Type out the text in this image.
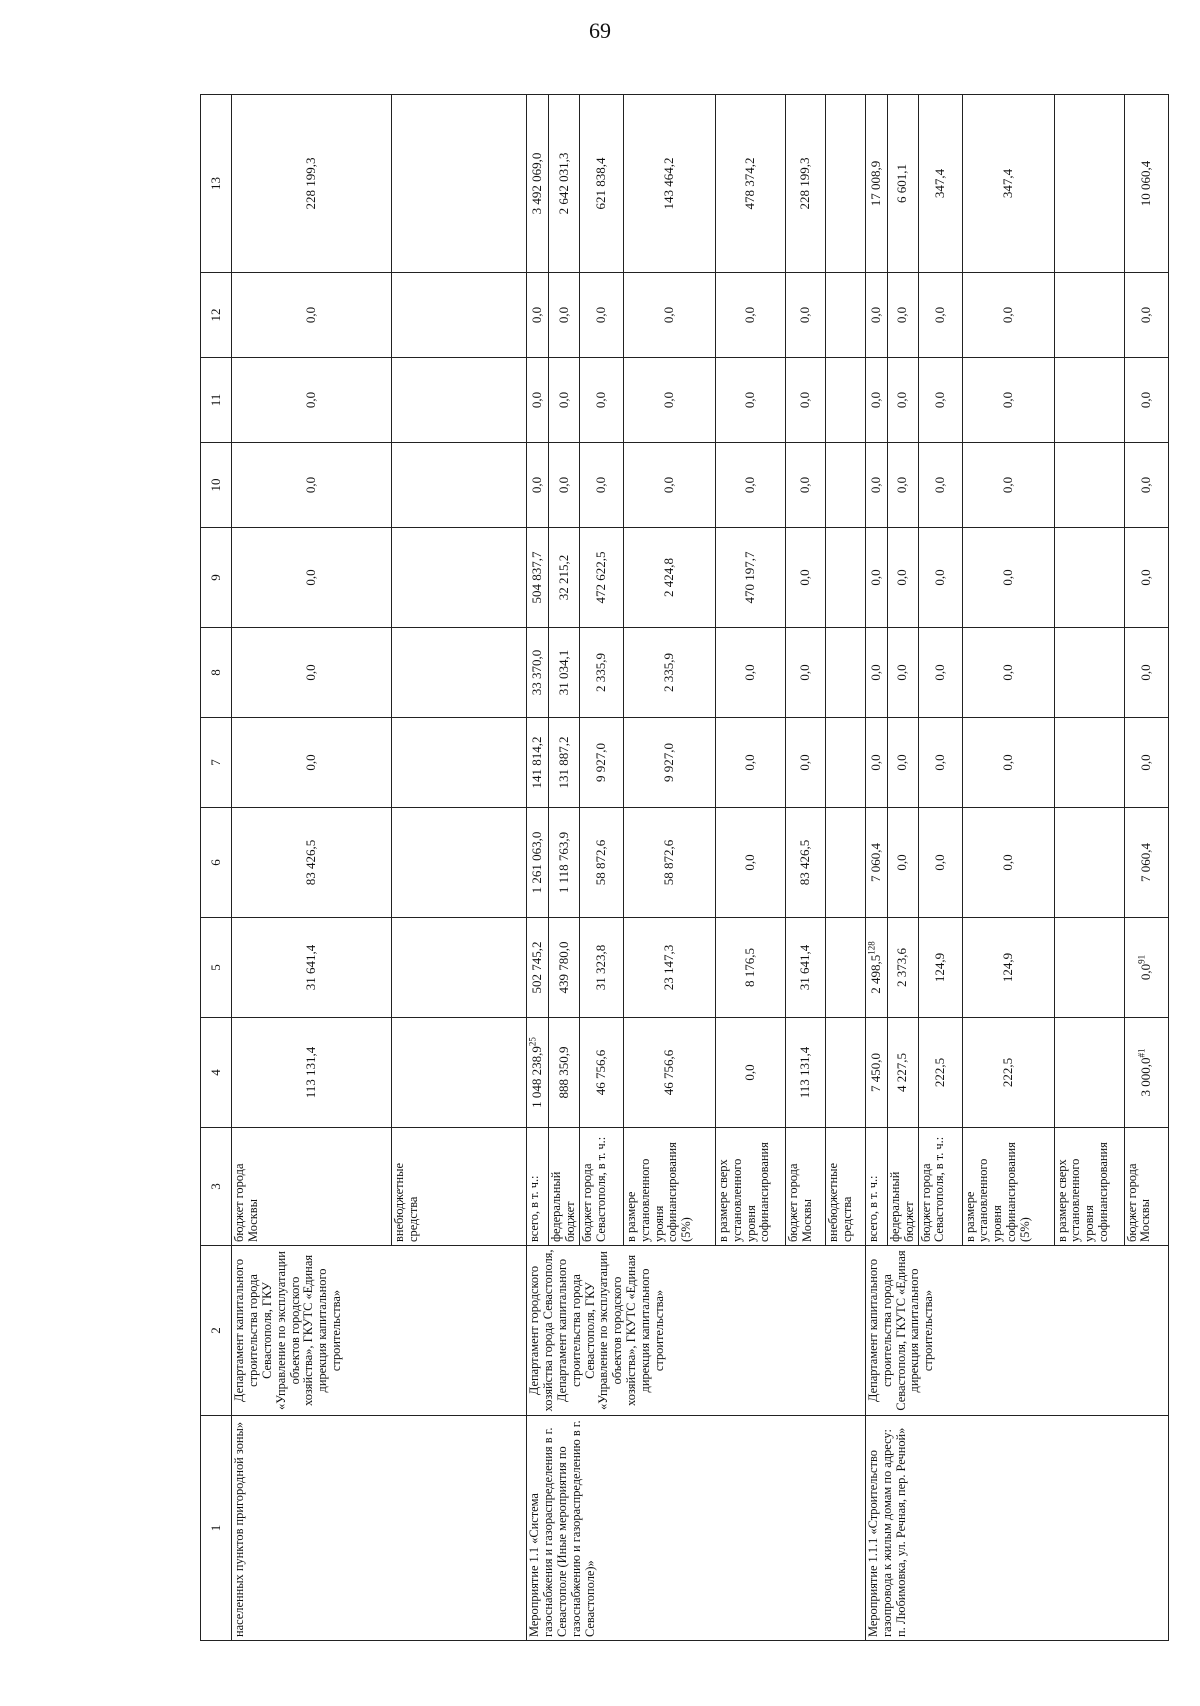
69
1	2	3	4	5	6	7	8	9	10	11	12	13
населенных пунктов пригородной зоны»	Департамент капитального строительства города Севастополя, ГКУ «Управление по эксплуатации объектов городского хозяйства», ГКУТС «Единая дирекция капитального строительства»	бюджет города Москвы	113 131,4	31 641,4	83 426,5	0,0	0,0	0,0	0,0	0,0	0,0	228 199,3
		внебюджетные средства										
Мероприятие 1.1 «Система газоснабжения и газораспределения в г. Севастополе (Иные мероприятия по газоснабжению и газораспределению в г. Севастополе)»	Департамент городского хозяйства города Севастополя, Департамент капитального строительства города Севастополя, ГКУ «Управление по эксплуатации объектов городского хозяйства», ГКУТС «Единая дирекция капитального строительства»	всего, в т. ч.:	1 048 238,9$^{25}$	502 745,2	1 261 063,0	141 814,2	33 370,0	504 837,7	0,0	0,0	0,0	3 492 069,0
		федеральный бюджет	888 350,9	439 780,0	1 118 763,9	131 887,2	31 034,1	32 215,2	0,0	0,0	0,0	2 642 031,3
		бюджет города Севастополя, в т. ч.:	46 756,6	31 323,8	58 872,6	9 927,0	2 335,9	472 622,5	0,0	0,0	0,0	621 838,4
		в размере установленного урояня софинансирования (5%)	46 756,6	23 147,3	58 872,6	9 927,0	2 335,9	2 424,8	0,0	0,0	0,0	143 464,2
		в размере сверх установленного уровня софинансирования	0,0	8 176,5	0,0	0,0	0,0	470 197,7	0,0	0,0	0,0	478 374,2
		бюджет города Москвы	113 131,4	31 641,4	83 426,5	0,0	0,0	0,0	0,0	0,0	0,0	228 199,3
		внебюджетные средства										
Мероприятие 1.1.1 «Строительство газопровода к жилым домам по адресу: п. Любимовка, ул. Речная, пер. Речной»	Департамент капитального строительства города Севастополя, ГКУТС «Единая дирекция капитального строительства»	всего, в т. ч.:	7 450,0	2 498,5$^{128}$	7 060,4	0,0	0,0	0,0	0,0	0,0	0,0	17 008,9
		федеральный бюджет	4 227,5	2 373,6	0,0	0,0	0,0	0,0	0,0	0,0	0,0	6 601,1
		бюджет города Севастополя, в т. ч.:	222,5	124,9	0,0	0,0	0,0	0,0	0,0	0,0	0,0	347,4
		в размере установленного уровня софинансирования (5%)	222,5	124,9	0,0	0,0	0,0	0,0	0,0	0,0	0,0	347,4
		в размере сверх установленного уровня софинансирования										
		бюджет города Москвы	3 000,0$^{\#1}$	$0,0^{91}$	7 060,4	0,0	0,0	0,0	0,0	0,0	0,0	10 060,4
